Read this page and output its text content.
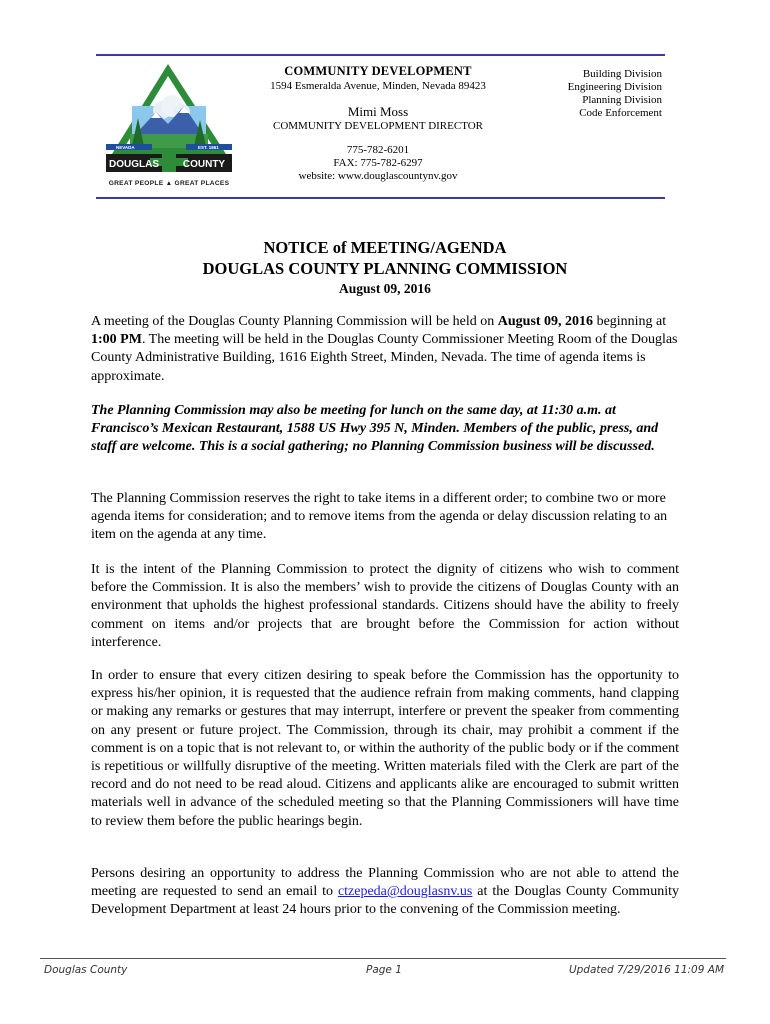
NEVADA	EST. 1861
DOUGLAS COUNTY
GREAT PEOPLE ▲ GREAT PLACES
COMMUNITY DEVELOPMENT
1594 Esmeralda Avenue, Minden, Nevada 89423
Mimi Moss
COMMUNITY DEVELOPMENT DIRECTOR
775-782-6201
FAX: 775-782-6297
website: www.douglascountynv.gov
Building Division
Engineering Division
Planning Division
Code Enforcement
NOTICE of MEETING/AGENDA
DOUGLAS COUNTY PLANNING COMMISSION
August 09, 2016

A meeting of the Douglas County Planning Commission will be held on August 09, 2016 beginning at 1:00 PM. The meeting will be held in the Douglas County Commissioner Meeting Room of the Douglas County Administrative Building, 1616 Eighth Street, Minden, Nevada. The time of agenda items is approximate.

The Planning Commission may also be meeting for lunch on the same day, at 11:30 a.m. at Francisco’s Mexican Restaurant, 1588 US Hwy 395 N, Minden. Members of the public, press, and staff are welcome. This is a social gathering; no Planning Commission business will be discussed.

The Planning Commission reserves the right to take items in a different order; to combine two or more agenda items for consideration; and to remove items from the agenda or delay discussion relating to an item on the agenda at any time.

It is the intent of the Planning Commission to protect the dignity of citizens who wish to comment before the Commission. It is also the members’ wish to provide the citizens of Douglas County with an environment that upholds the highest professional standards. Citizens should have the ability to freely comment on items and/or projects that are brought before the Commission for action without interference.

In order to ensure that every citizen desiring to speak before the Commission has the opportunity to express his/her opinion, it is requested that the audience refrain from making comments, hand clapping or making any remarks or gestures that may interrupt, interfere or prevent the speaker from commenting on any present or future project. The Commission, through its chair, may prohibit a comment if the comment is on a topic that is not relevant to, or within the authority of the public body or if the comment is repetitious or willfully disruptive of the meeting. Written materials filed with the Clerk are part of the record and do not need to be read aloud. Citizens and applicants alike are encouraged to submit written materials well in advance of the scheduled meeting so that the Planning Commissioners will have time to review them before the public hearings begin.

Persons desiring an opportunity to address the Planning Commission who are not able to attend the meeting are requested to send an email to ctzepeda@douglasnv.us at the Douglas County Community Development Department at least 24 hours prior to the convening of the Commission meeting.

Douglas County	Page 1	Updated 7/29/2016 11:09 AM
